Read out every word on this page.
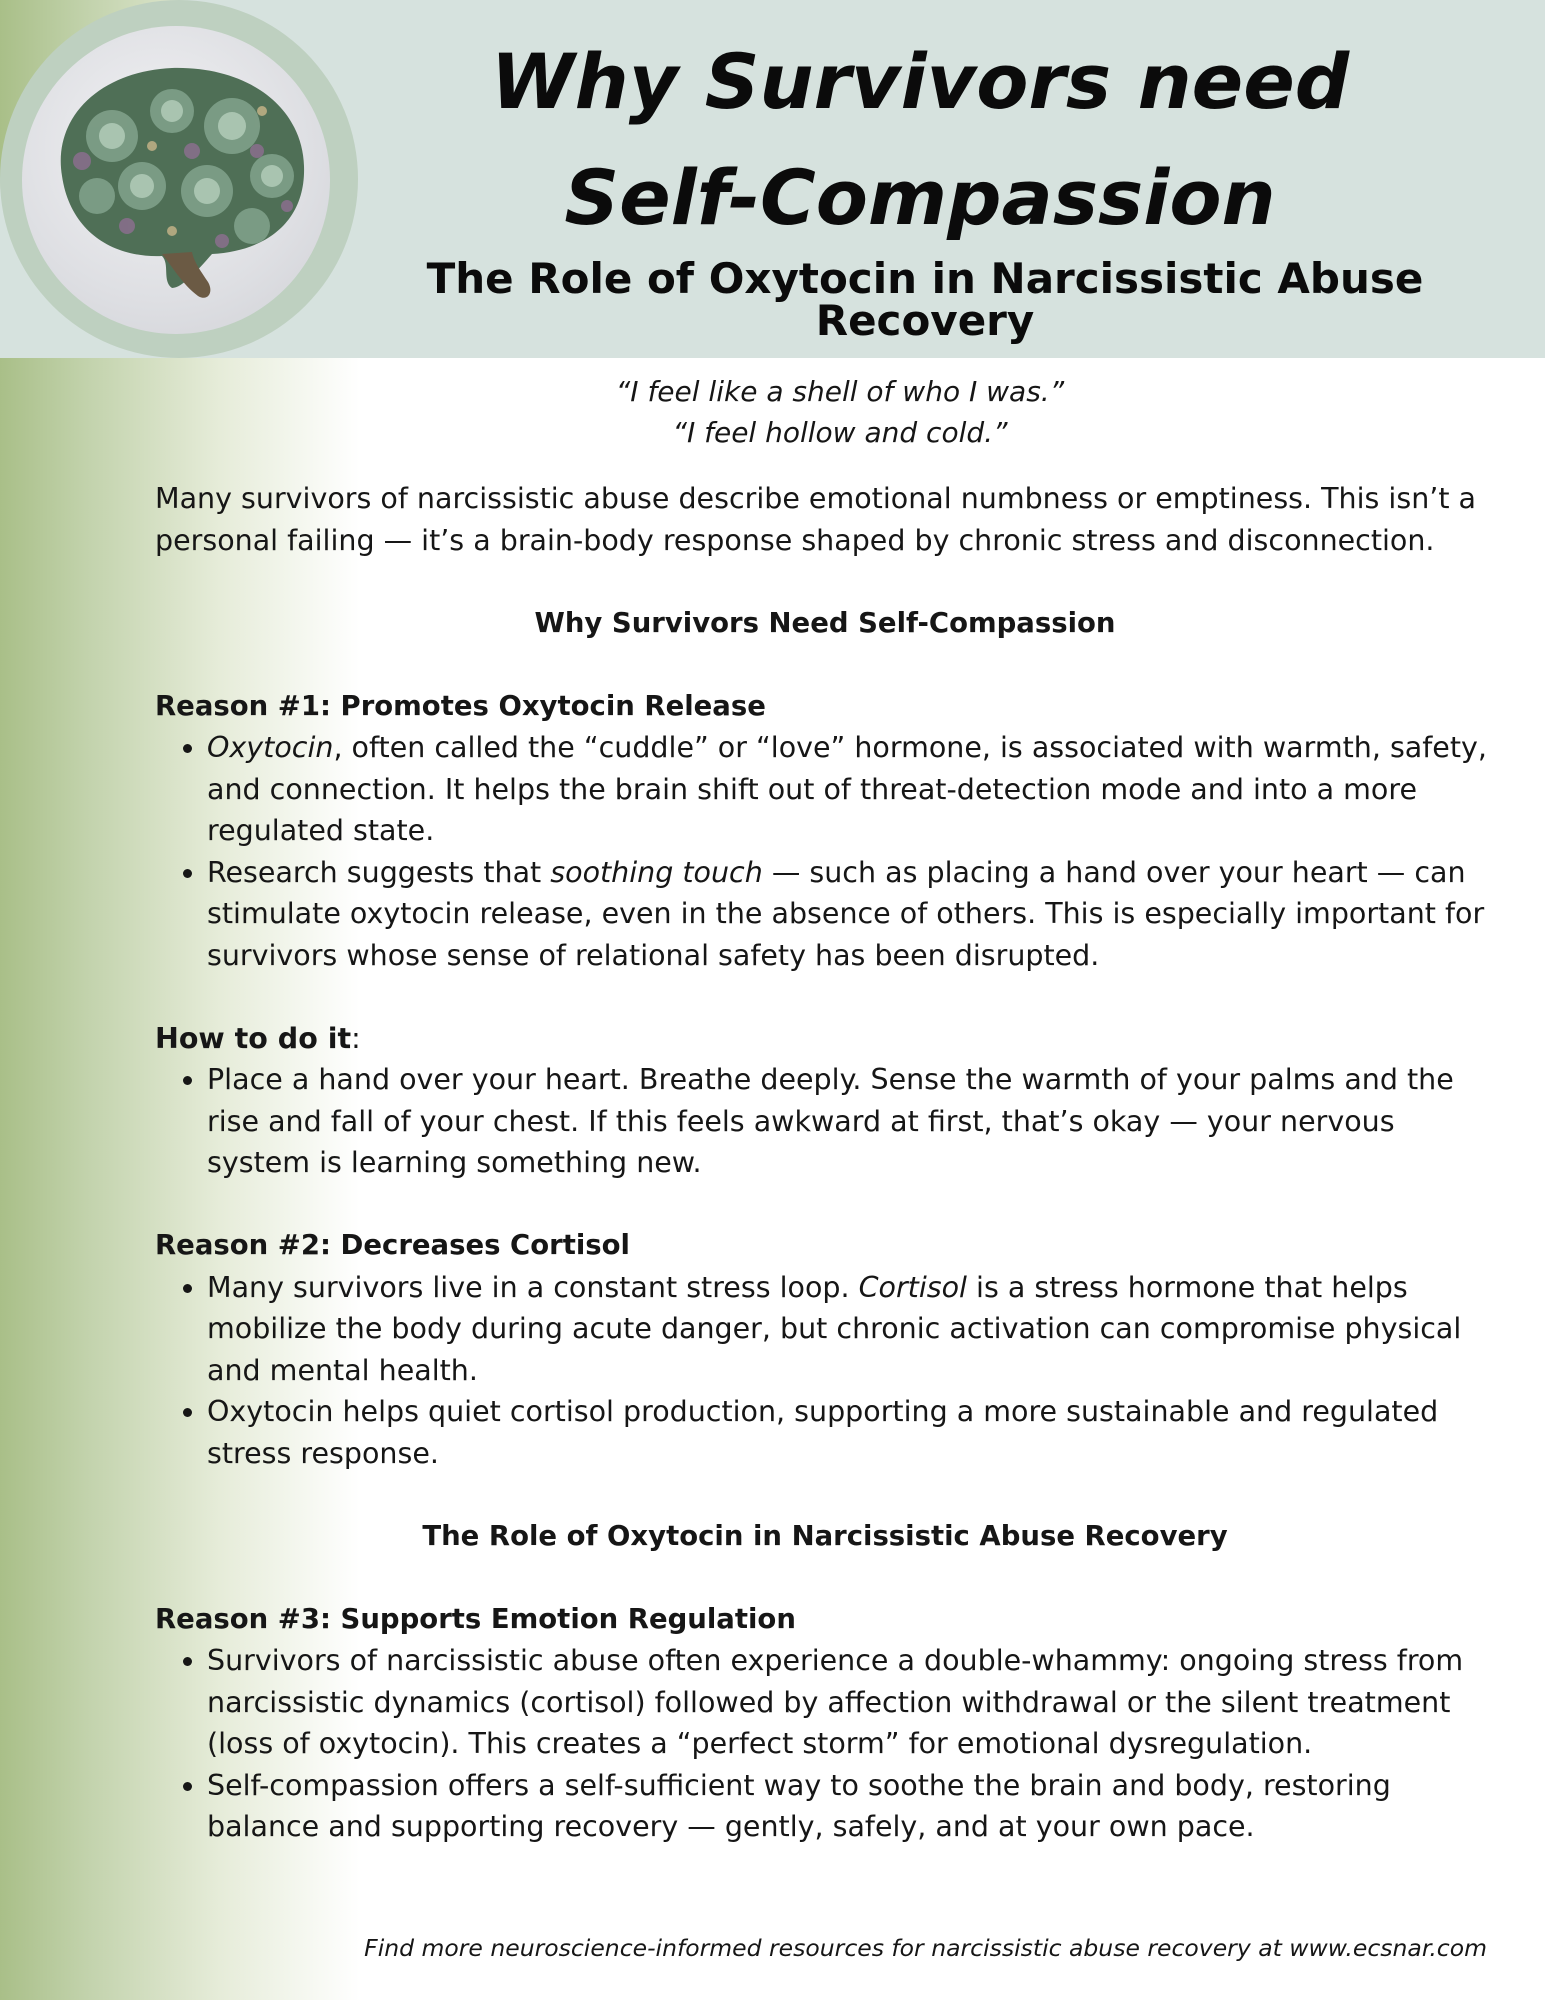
Why Survivors need
Self-Compassion
The Role of Oxytocin in Narcissistic Abuse Recovery
“I feel like a shell of who I was.”
“I feel hollow and cold.”

Many survivors of narcissistic abuse describe emotional numbness or emptiness. This isn’t a personal failing — it’s a brain-body response shaped by chronic stress and disconnection.

Why Survivors Need Self-Compassion

Reason #1: Promotes Oxytocin Release

• Oxytocin, often called the “cuddle” or “love” hormone, is associated with warmth, safety, and connection. It helps the brain shift out of threat-detection mode and into a more regulated state.
• Research suggests that soothing touch — such as placing a hand over your heart — can stimulate oxytocin release, even in the absence of others. This is especially important for survivors whose sense of relational safety has been disrupted.

How to do it:

• Place a hand over your heart. Breathe deeply. Sense the warmth of your palms and the rise and fall of your chest. If this feels awkward at first, that’s okay — your nervous system is learning something new.

Reason #2: Decreases Cortisol

• Many survivors live in a constant stress loop. Cortisol is a stress hormone that helps mobilize the body during acute danger, but chronic activation can compromise physical and mental health.
• Oxytocin helps quiet cortisol production, supporting a more sustainable and regulated stress response.

The Role of Oxytocin in Narcissistic Abuse Recovery

Reason #3: Supports Emotion Regulation

• Survivors of narcissistic abuse often experience a double-whammy: ongoing stress from narcissistic dynamics (cortisol) followed by affection withdrawal or the silent treatment (loss of oxytocin). This creates a “perfect storm” for emotional dysregulation.
• Self-compassion offers a self-sufficient way to soothe the brain and body, restoring balance and supporting recovery — gently, safely, and at your own pace.
Find more neuroscience-informed resources for narcissistic abuse recovery at www.ecsnar.com
